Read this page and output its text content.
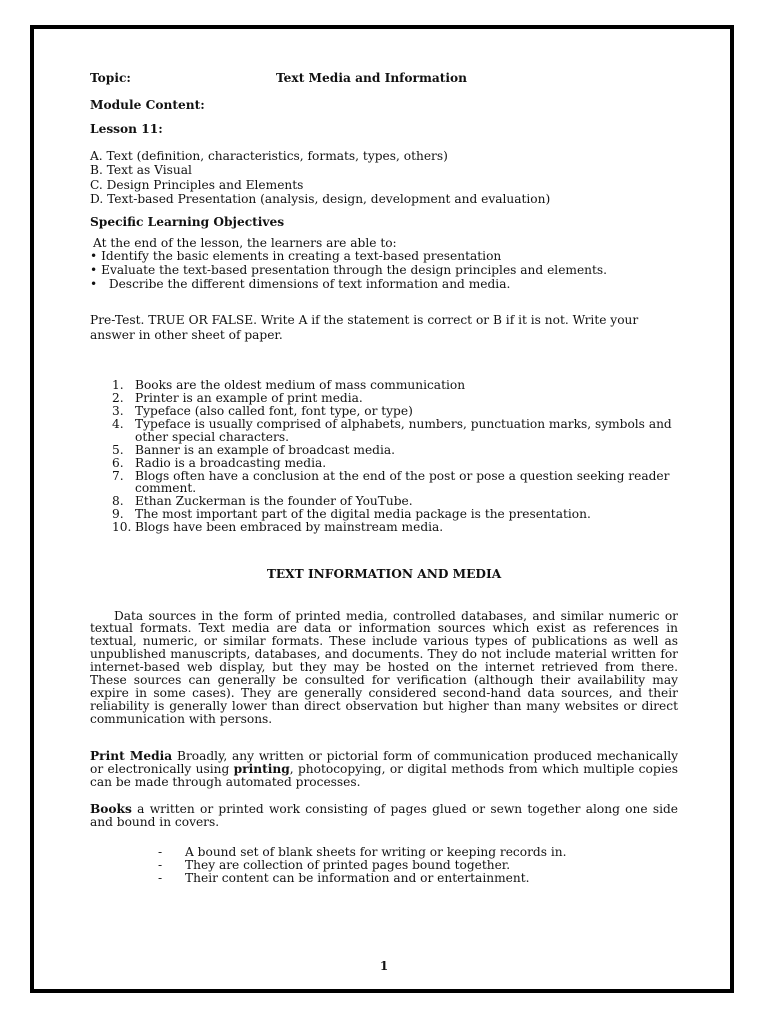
Topic:	Text Media and Information
Module Content:
Lesson 11:
A. Text (definition, characteristics, formats, types, others)
B. Text as Visual
C. Design Principles and Elements
D. Text-based Presentation (analysis, design, development and evaluation)
Specific Learning Objectives
At the end of the lesson, the learners are able to:
• Identify the basic elements in creating a text-based presentation
• Evaluate the text-based presentation through the design principles and elements.
• Describe the different dimensions of text information and media.
Pre-Test. TRUE OR FALSE. Write A if the statement is correct or B if it is not. Write your answer in other sheet of paper.
1. Books are the oldest medium of mass communication
2. Printer is an example of print media.
3. Typeface (also called font, font type, or type)
4. Typeface is usually comprised of alphabets, numbers, punctuation marks, symbols and other special characters.
5. Banner is an example of broadcast media.
6. Radio is a broadcasting media.
7. Blogs often have a conclusion at the end of the post or pose a question seeking reader comment.
8. Ethan Zuckerman is the founder of YouTube.
9. The most important part of the digital media package is the presentation.
10. Blogs have been embraced by mainstream media.
TEXT INFORMATION AND MEDIA
Data sources in the form of printed media, controlled databases, and similar numeric or textual formats. Text media are data or information sources which exist as references in textual, numeric, or similar formats. These include various types of publications as well as unpublished manuscripts, databases, and documents. They do not include material written for internet-based web display, but they may be hosted on the internet retrieved from there. These sources can generally be consulted for verification (although their availability may expire in some cases). They are generally considered second-hand data sources, and their reliability is generally lower than direct observation but higher than many websites or direct communication with persons.
Print Media Broadly, any written or pictorial form of communication produced mechanically or electronically using printing, photocopying, or digital methods from which multiple copies can be made through automated processes.
Books a written or printed work consisting of pages glued or sewn together along one side and bound in covers.
-	A bound set of blank sheets for writing or keeping records in.
-	They are collection of printed pages bound together.
-	Their content can be information and or entertainment.
1
